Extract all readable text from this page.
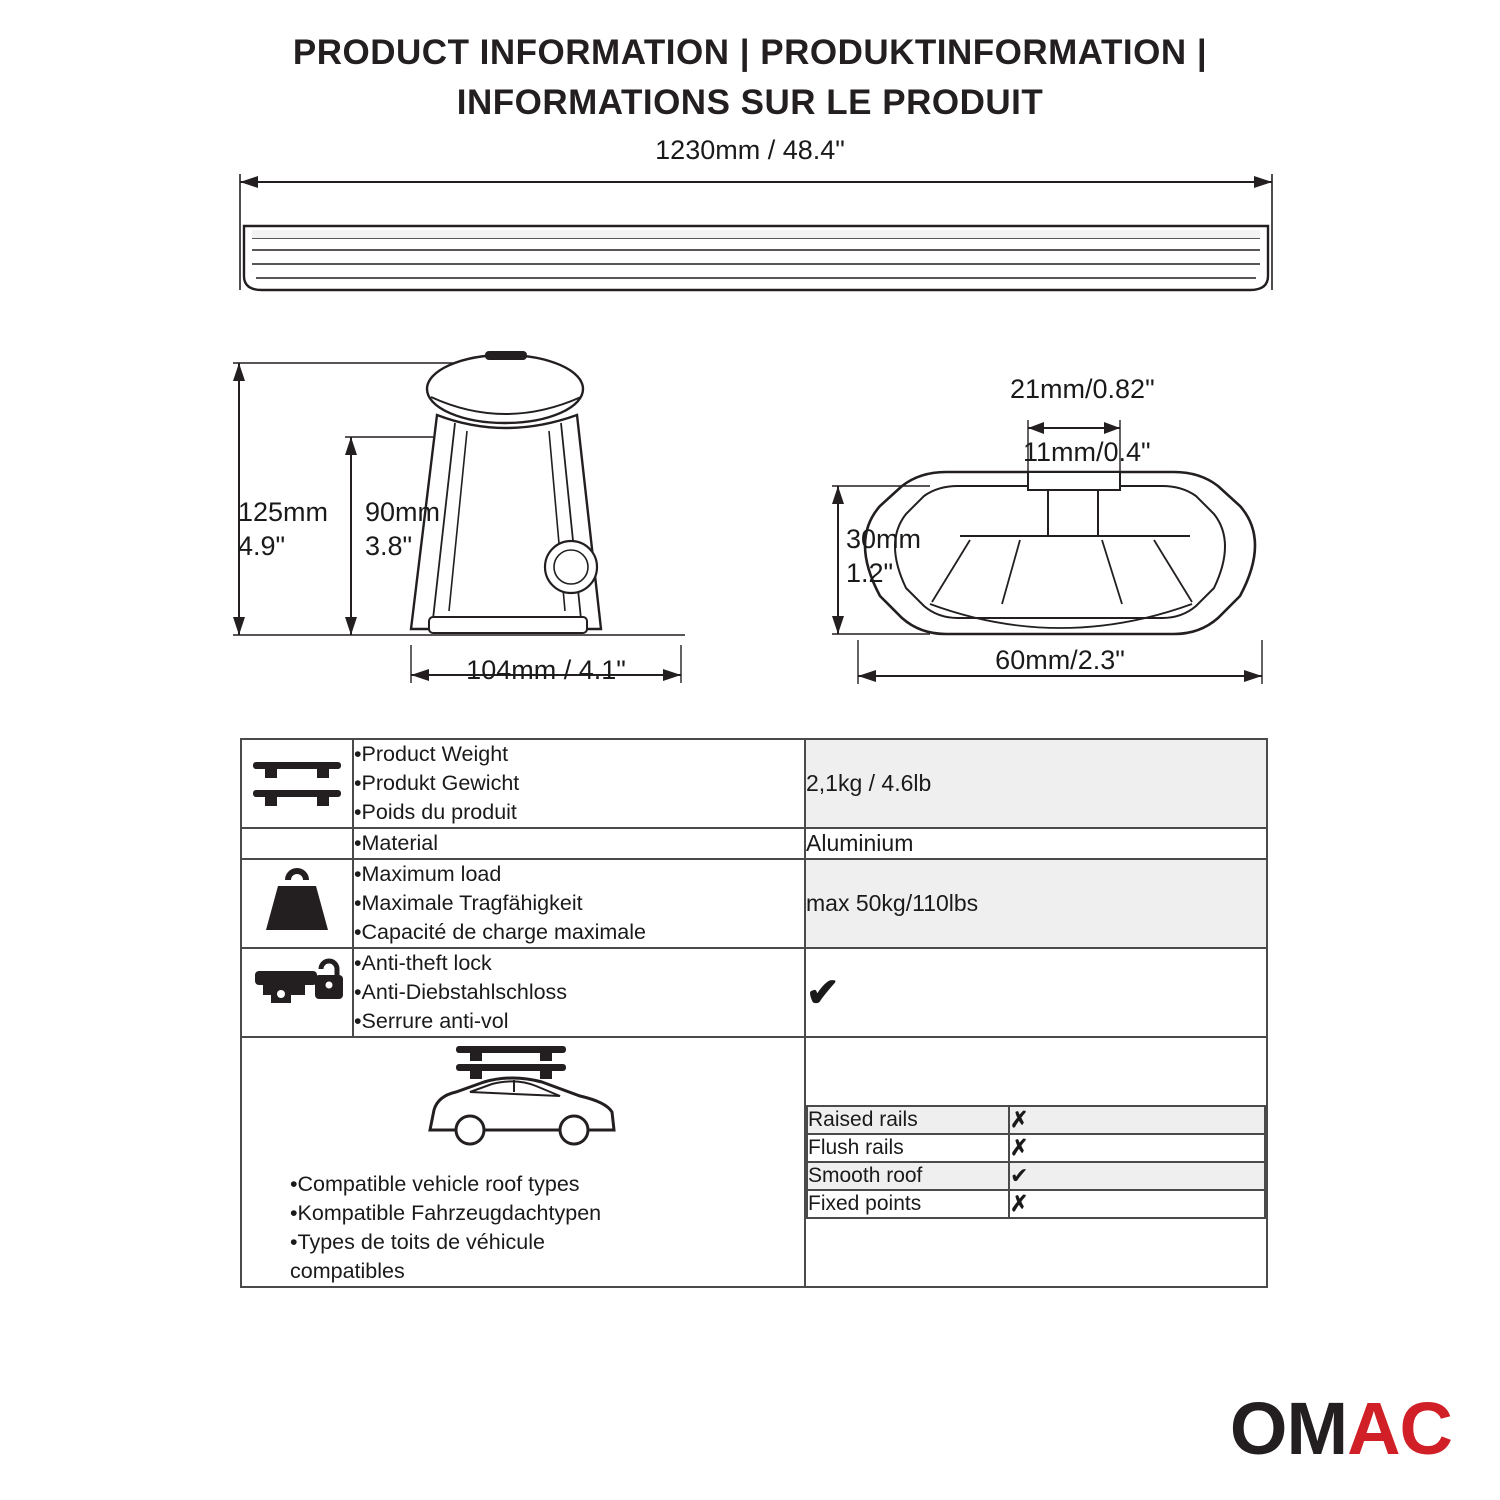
PRODUCT INFORMATION | PRODUKTINFORMATION |
INFORMATIONS SUR LE PRODUIT
1230mm / 48.4"
125mm
4.9"
90mm
3.8"
104mm / 4.1"
21mm/0.82"
11mm/0.4"
30mm
1.2"
60mm/2.3"

•Product Weight
•Produkt Gewicht
•Poids du produit
	2,1kg / 4.6lb

•Material	Aluminium

•Maximum load
•Maximale Tragfähigkeit
•Capacité de charge maximale
	max 50kg/110lbs

•Anti-theft lock
•Anti-Diebstahlschloss
•Serrure anti-vol
	✔

•Compatible vehicle roof types
•Kompatible Fahrzeugdachtypen
•Types de toits de véhicule
compatibles

Raised rails	✗
Flush rails	✗
Smooth roof	✔
Fixed points	✗
OMAC
